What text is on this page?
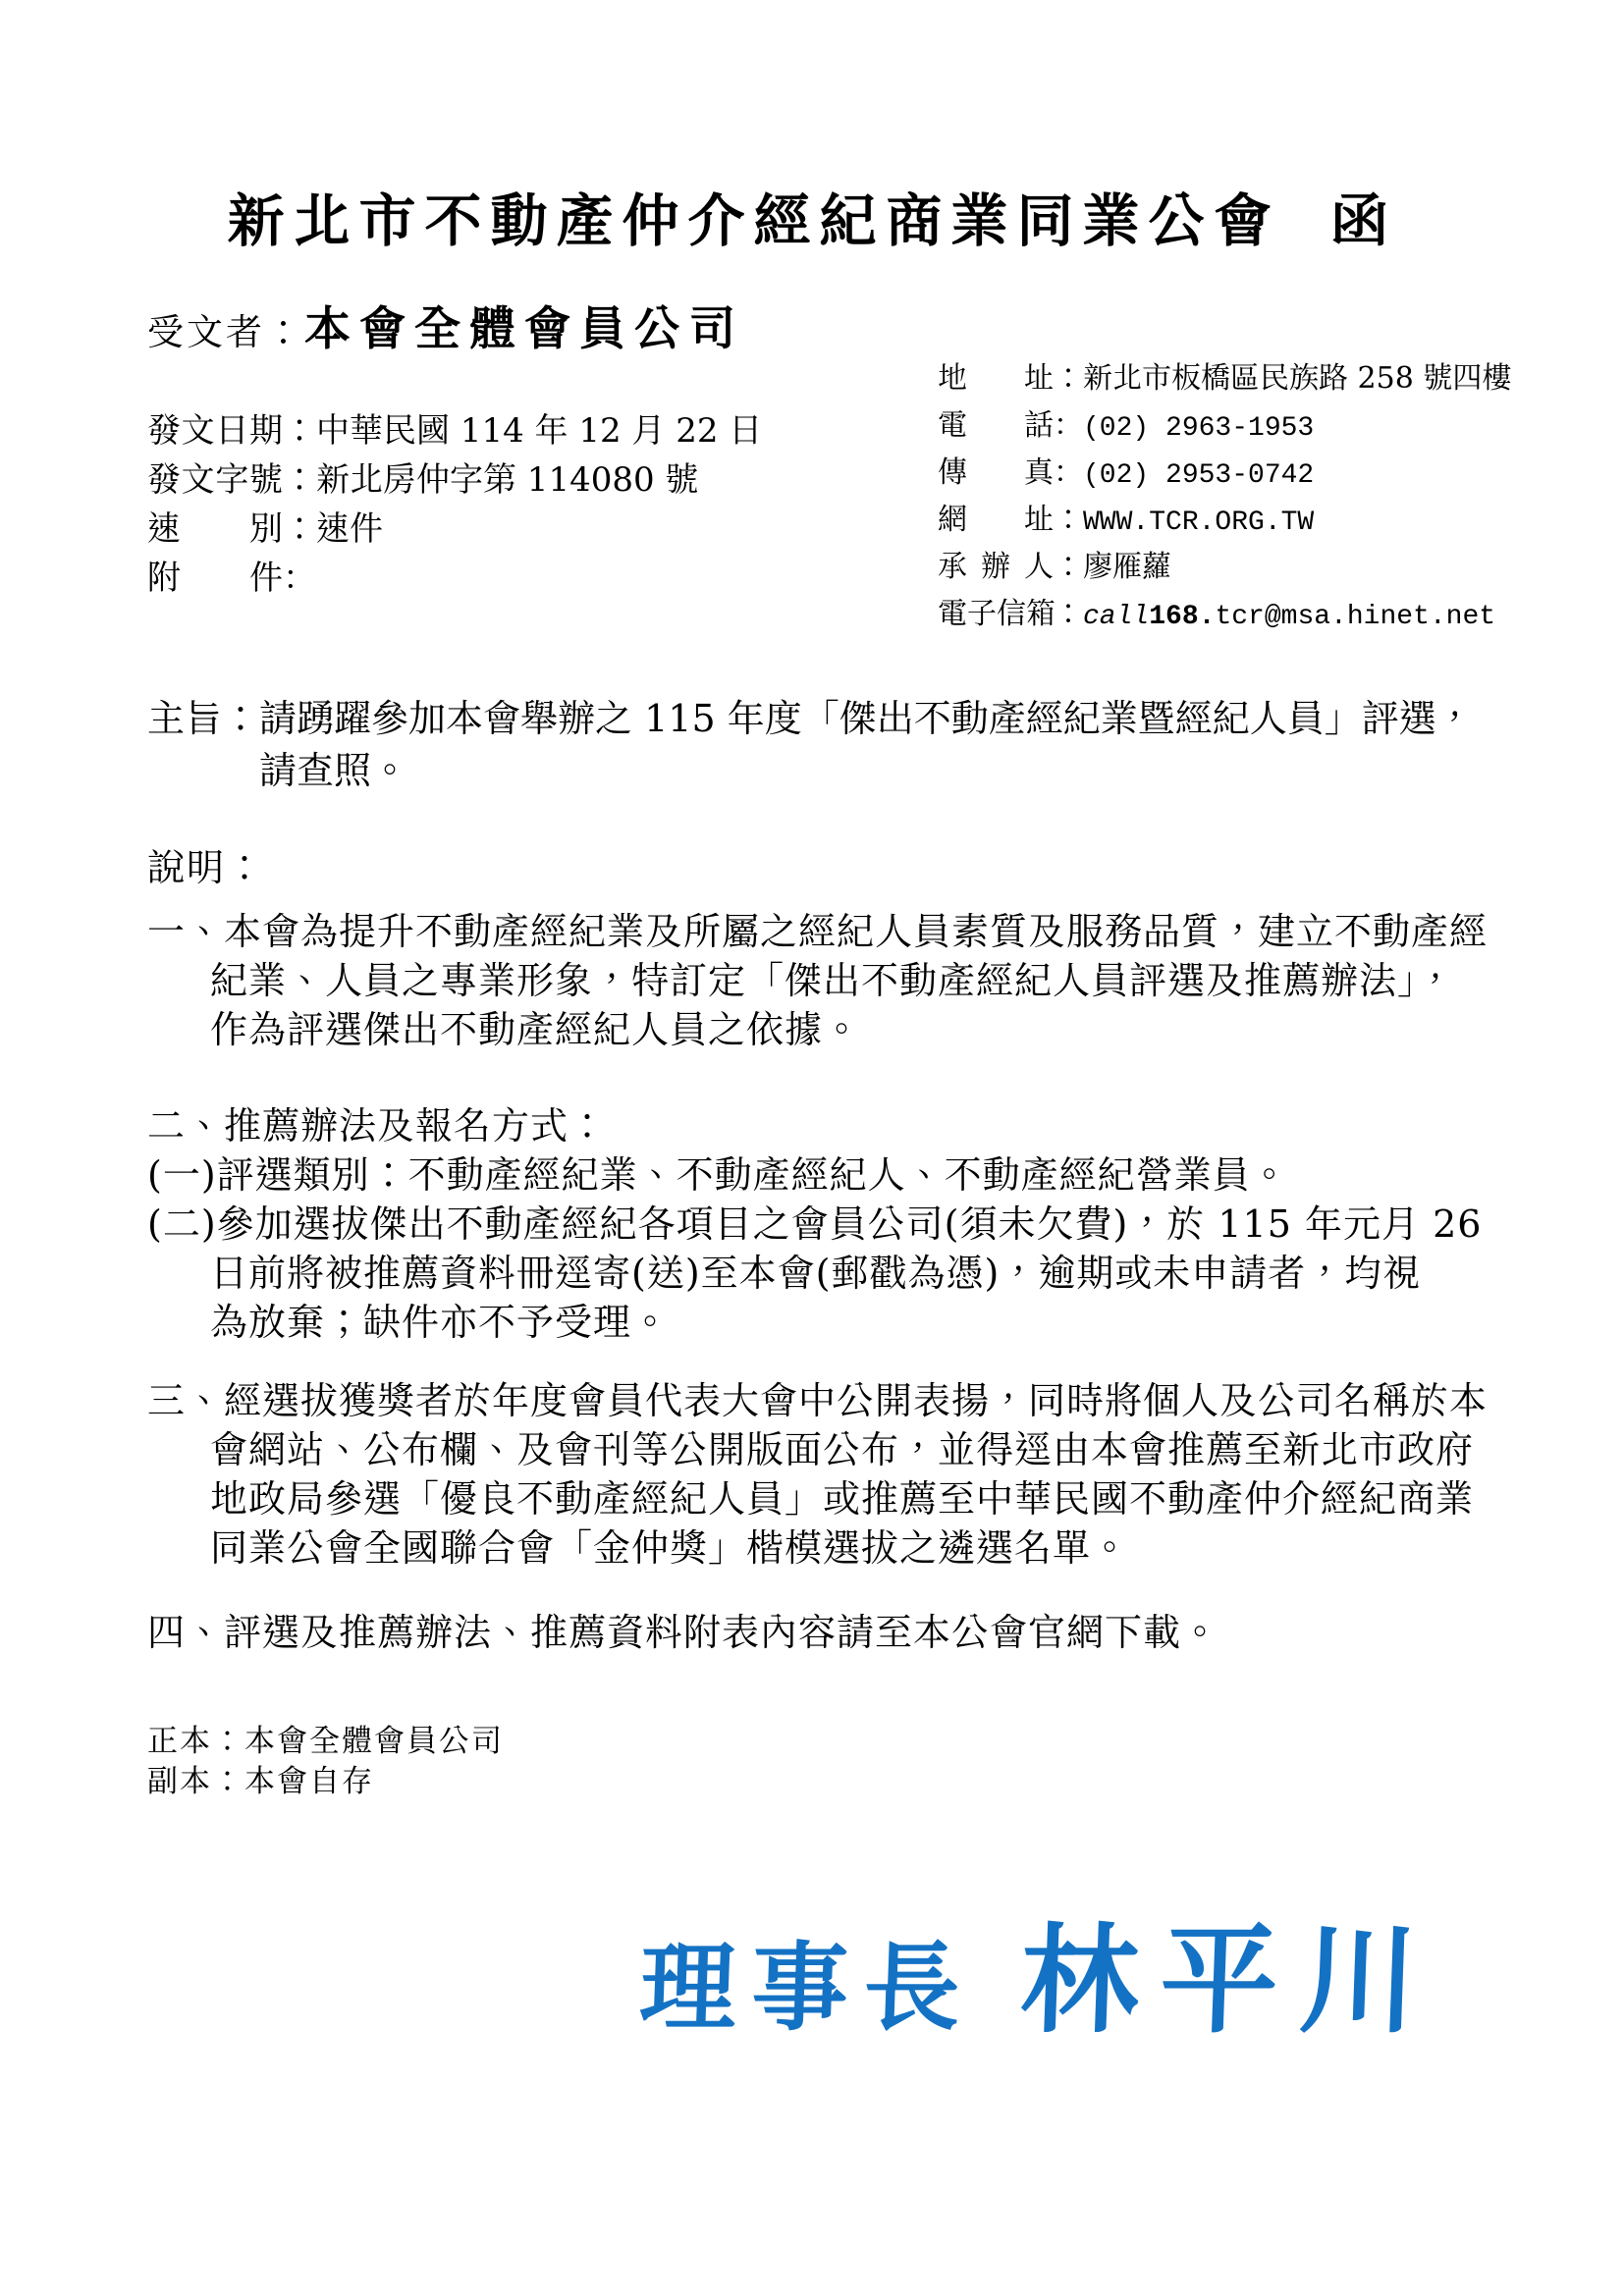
新北市不動產仲介經紀商業同業公會 函
受文者：本會全體會員公司
發文日期：中華民國 114 年 12 月 22 日
發文字號：新北房仲字第 114080 號
速別：速件
附件：
地址：新北市板橋區民族路 258 號四樓
電話：(02) 2963-1953
傳真：(02) 2953-0742
網址：WWW.TCR.ORG.TW
承辦人：廖雁蘿
電子信箱：call168.tcr@msa.hinet.net
主旨：請踴躍參加本會舉辦之 115 年度「傑出不動產經紀業暨經紀人員」評選，
請查照。
說明：
一、本會為提升不動產經紀業及所屬之經紀人員素質及服務品質，建立不動產經
紀業、人員之專業形象，特訂定「傑出不動產經紀人員評選及推薦辦法」，
作為評選傑出不動產經紀人員之依據。
二、推薦辦法及報名方式：
(一)評選類別：不動產經紀業、不動產經紀人、不動產經紀營業員。
(二)參加選拔傑出不動產經紀各項目之會員公司(須未欠費)，於 115 年元月 26
日前將被推薦資料冊逕寄(送)至本會(郵戳為憑)，逾期或未申請者，均視
為放棄；缺件亦不予受理。
三、經選拔獲獎者於年度會員代表大會中公開表揚，同時將個人及公司名稱於本
會網站、公布欄、及會刊等公開版面公布，並得逕由本會推薦至新北市政府
地政局參選「優良不動產經紀人員」或推薦至中華民國不動產仲介經紀商業
同業公會全國聯合會「金仲獎」楷模選拔之遴選名單。
四、評選及推薦辦法、推薦資料附表內容請至本公會官網下載。
正本：本會全體會員公司
副本：本會自存
理事長 林平川
